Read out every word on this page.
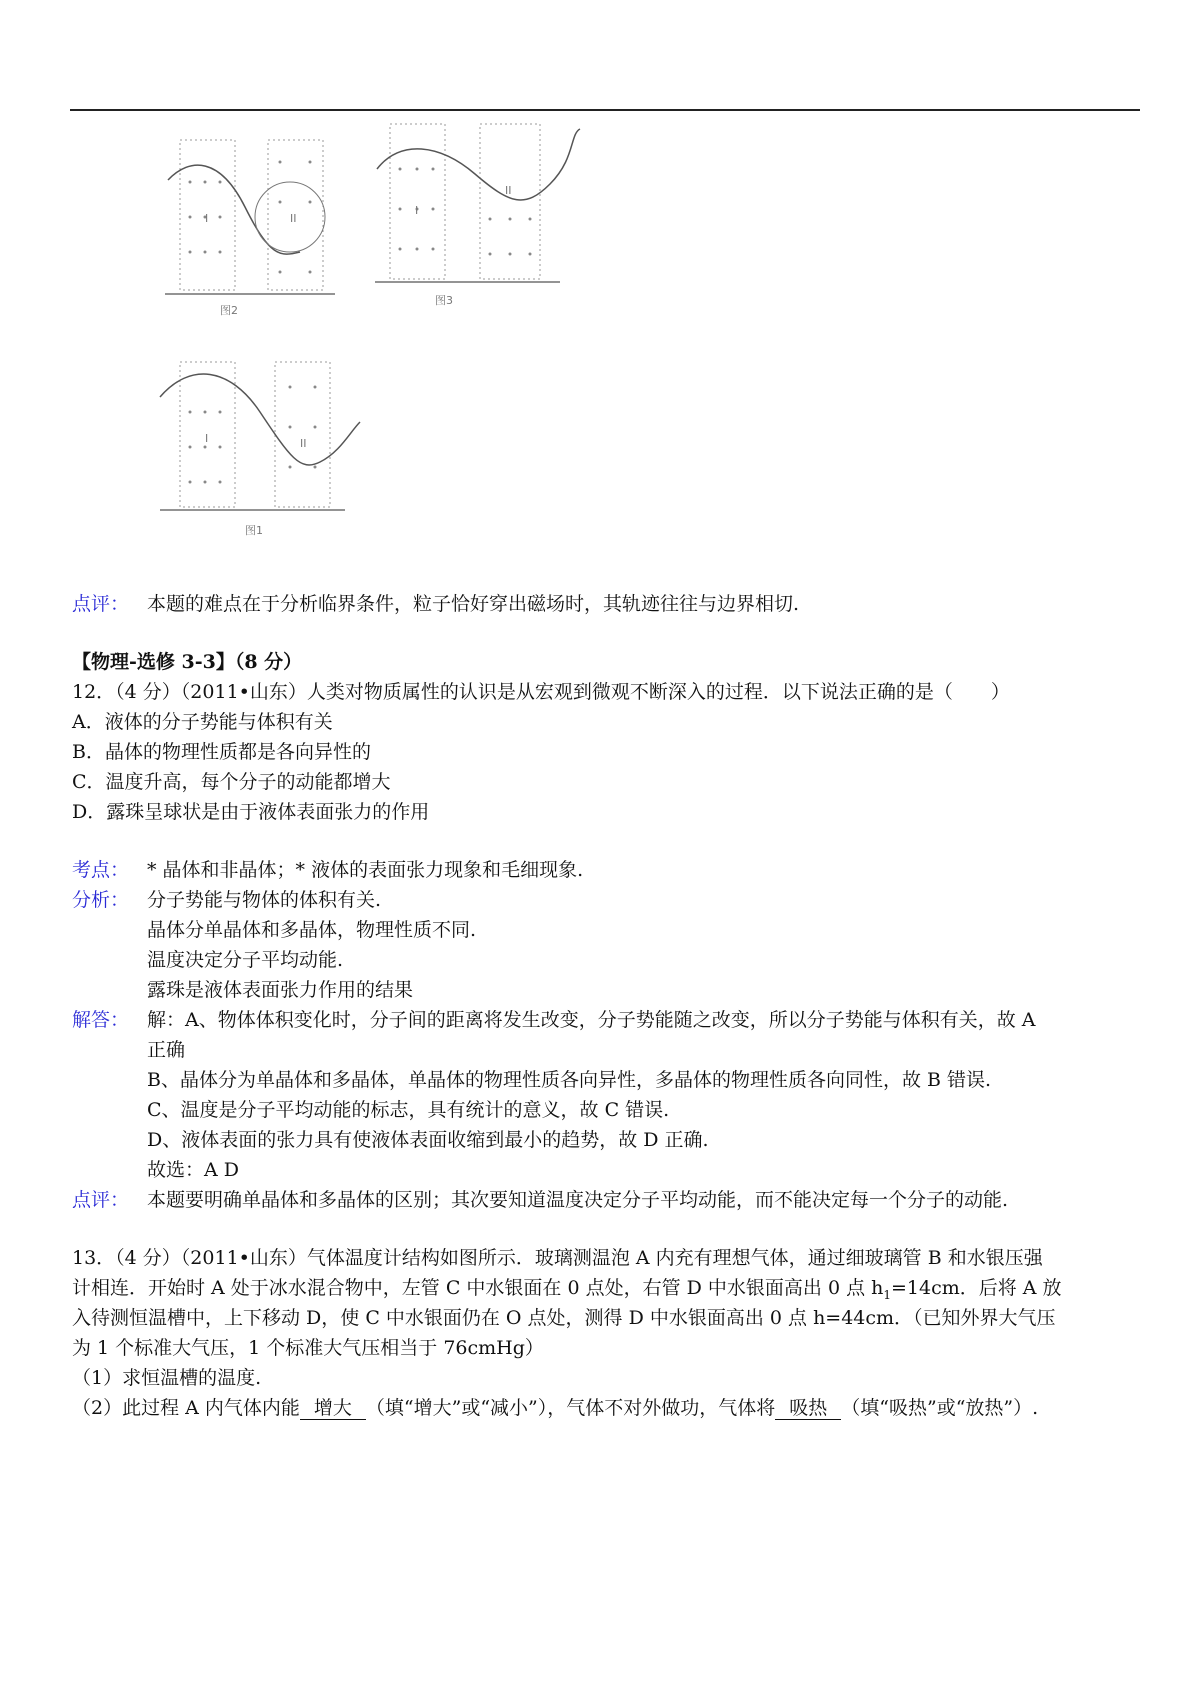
I	II
图2
I
II
图3
I	II
图1
点评： 本题的难点在于分析临界条件，粒子恰好穿出磁场时，其轨迹往往与边界相切.
【物理-选修 3-3】（8 分）
12．（4 分）（2011•山东）人类对物质属性的认识是从宏观到微观不断深入的过程．以下说法正确的是（　　）
A．液体的分子势能与体积有关
B．晶体的物理性质都是各向异性的
C．温度升高，每个分子的动能都增大
D．露珠呈球状是由于液体表面张力的作用
考点： * 晶体和非晶体；* 液体的表面张力现象和毛细现象.
分析： 分子势能与物体的体积有关.
晶体分单晶体和多晶体，物理性质不同.
温度决定分子平均动能.
露珠是液体表面张力作用的结果
解答： 解：A、物体体积变化时，分子间的距离将发生改变，分子势能随之改变，所以分子势能与体积有关，故 A
正确
B、晶体分为单晶体和多晶体，单晶体的物理性质各向异性，多晶体的物理性质各向同性，故 B 错误.
C、温度是分子平均动能的标志，具有统计的意义，故 C 错误.
D、液体表面的张力具有使液体表面收缩到最小的趋势，故 D 正确.
故选：A D
点评： 本题要明确单晶体和多晶体的区别；其次要知道温度决定分子平均动能，而不能决定每一个分子的动能.
13．（4 分）（2011•山东）气体温度计结构如图所示．玻璃测温泡 A 内充有理想气体，通过细玻璃管 B 和水银压强
计相连．开始时 A 处于冰水混合物中，左管 C 中水银面在 0 点处，右管 D 中水银面高出 0 点 $h_1=14cm$．后将 A 放
入待测恒温槽中，上下移动 D，使 C 中水银面仍在 O 点处，测得 D 中水银面高出 0 点 h=44cm．（已知外界大气压
为 1 个标准大气压，1 个标准大气压相当于 76cmHg）
（1）求恒温槽的温度.
（2）此过程 A 内气体内能 增大 （填“增大”或“减小”），气体不对外做功，气体将 吸热 （填“吸热”或“放热”）.
